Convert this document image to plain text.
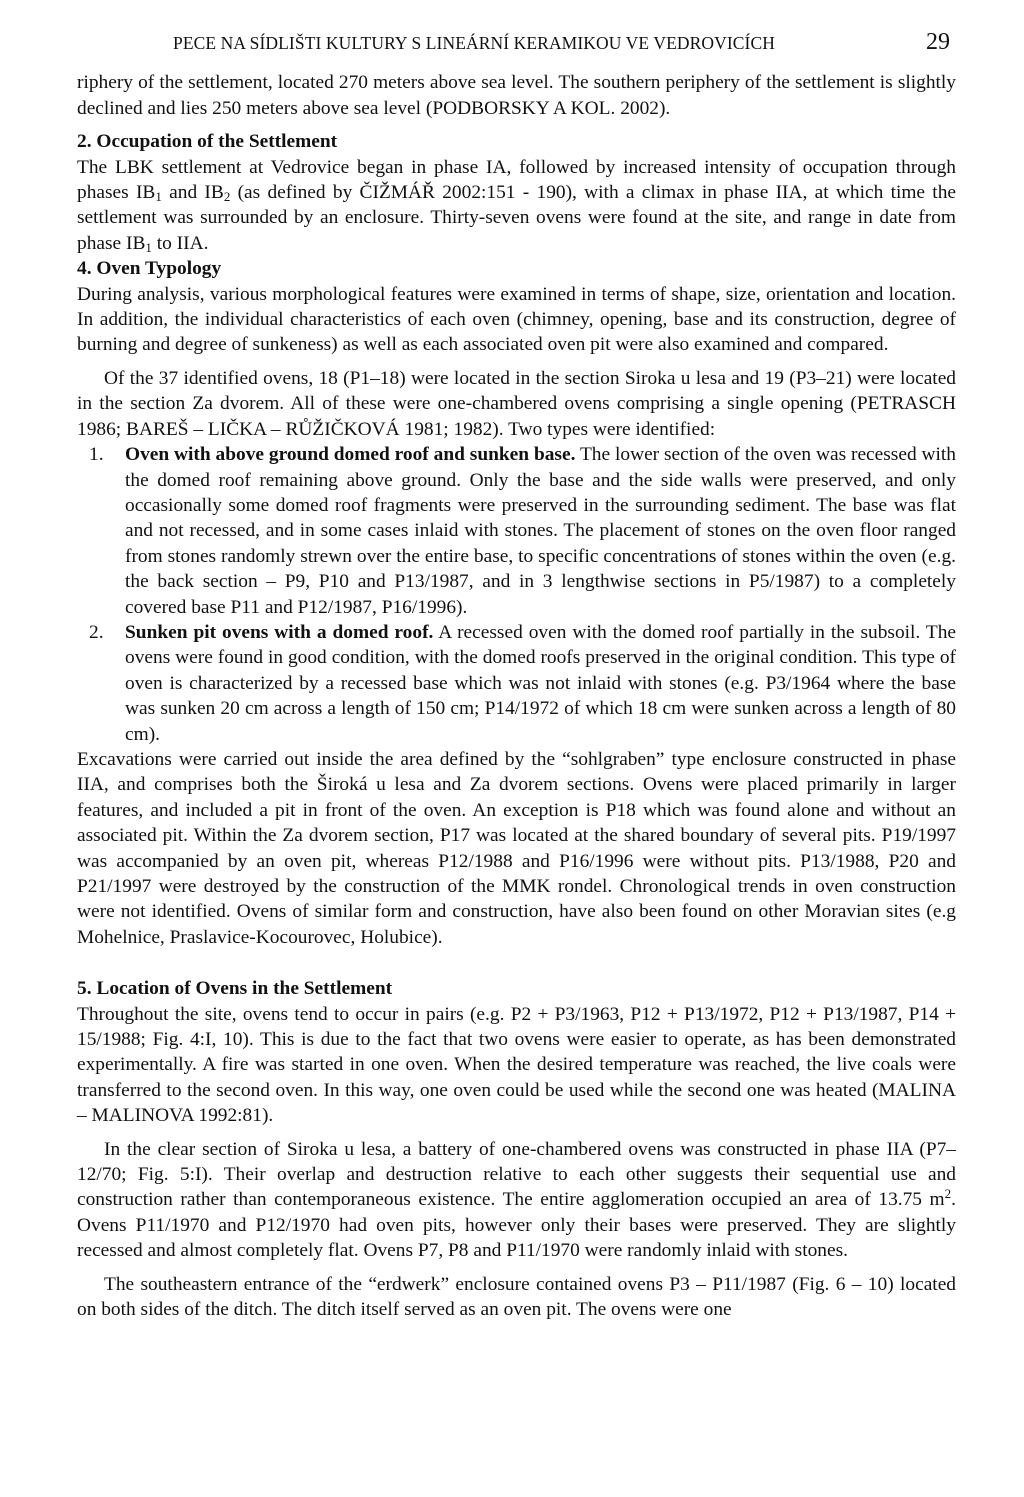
PECE NA SÍDLIŠTI KULTURY S LINEÁRNÍ KERAMIKOU VE VEDROVICÍCH	29

riphery of the settlement, located 270 meters above sea level. The southern periphery of the settlement is slightly declined and lies 250 meters above sea level (PODBORSKY A KOL. 2002).

2. Occupation of the Settlement

The LBK settlement at Vedrovice began in phase IA, followed by increased intensity of occupation through phases $IB_1$ and $IB_2$ (as defined by ČIŽMÁŘ 2002:151 - 190), with a climax in phase IIA, at which time the settlement was surrounded by an enclosure. Thirty-seven ovens were found at the site, and range in date from phase $IB_1$ to IIA.

4. Oven Typology

During analysis, various morphological features were examined in terms of shape, size, orientation and location. In addition, the individual characteristics of each oven (chimney, opening, base and its construction, degree of burning and degree of sunkeness) as well as each associated oven pit were also examined and compared.

Of the 37 identified ovens, 18 (P1–18) were located in the section Siroka u lesa and 19 (P3–21) were located in the section Za dvorem. All of these were one-chambered ovens comprising a single opening (PETRASCH 1986; BAREŠ – LIČKA – RŮŽIČKOVÁ 1981; 1982). Two types were identified:

1.	Oven with above ground domed roof and sunken base. The lower section of the oven was recessed with the domed roof remaining above ground. Only the base and the side walls were preserved, and only occasionally some domed roof fragments were preserved in the surrounding sediment. The base was flat and not recessed, and in some cases inlaid with stones. The placement of stones on the oven floor ranged from stones randomly strewn over the entire base, to specific concentrations of stones within the oven (e.g. the back section – P9, P10 and P13/1987, and in 3 lengthwise sections in P5/1987) to a completely covered base P11 and P12/1987, P16/1996).
2.	Sunken pit ovens with a domed roof. A recessed oven with the domed roof partially in the subsoil. The ovens were found in good condition, with the domed roofs preserved in the original condition. This type of oven is characterized by a recessed base which was not inlaid with stones (e.g. P3/1964 where the base was sunken 20 cm across a length of 150 cm; P14/1972 of which 18 cm were sunken across a length of 80 cm).

Excavations were carried out inside the area defined by the “sohlgraben” type enclosure constructed in phase IIA, and comprises both the Široká u lesa and Za dvorem sections. Ovens were placed primarily in larger features, and included a pit in front of the oven. An exception is P18 which was found alone and without an associated pit. Within the Za dvorem section, P17 was located at the shared boundary of several pits. P19/1997 was accompanied by an oven pit, whereas P12/1988 and P16/1996 were without pits. P13/1988, P20 and P21/1997 were destroyed by the construction of the MMK rondel. Chronological trends in oven construction were not identified. Ovens of similar form and construction, have also been found on other Moravian sites (e.g Mohelnice, Praslavice-Kocourovec, Holubice).

5. Location of Ovens in the Settlement

Throughout the site, ovens tend to occur in pairs (e.g. P2 + P3/1963, P12 + P13/1972, P12 + P13/1987, P14 + 15/1988; Fig. 4:I, 10). This is due to the fact that two ovens were easier to operate, as has been demonstrated experimentally. A fire was started in one oven. When the desired temperature was reached, the live coals were transferred to the second oven. In this way, one oven could be used while the second one was heated (MALINA – MALINOVA 1992:81).

In the clear section of Siroka u lesa, a battery of one-chambered ovens was constructed in phase IIA (P7–12/70; Fig. 5:I). Their overlap and destruction relative to each other suggests their sequential use and construction rather than contemporaneous existence. The entire agglomeration occupied an area of 13.75 $m^2$. Ovens P11/1970 and P12/1970 had oven pits, however only their bases were preserved. They are slightly recessed and almost completely flat. Ovens P7, P8 and P11/1970 were randomly inlaid with stones.

The southeastern entrance of the “erdwerk” enclosure contained ovens P3 – P11/1987 (Fig. 6 – 10) located on both sides of the ditch. The ditch itself served as an oven pit. The ovens were one
